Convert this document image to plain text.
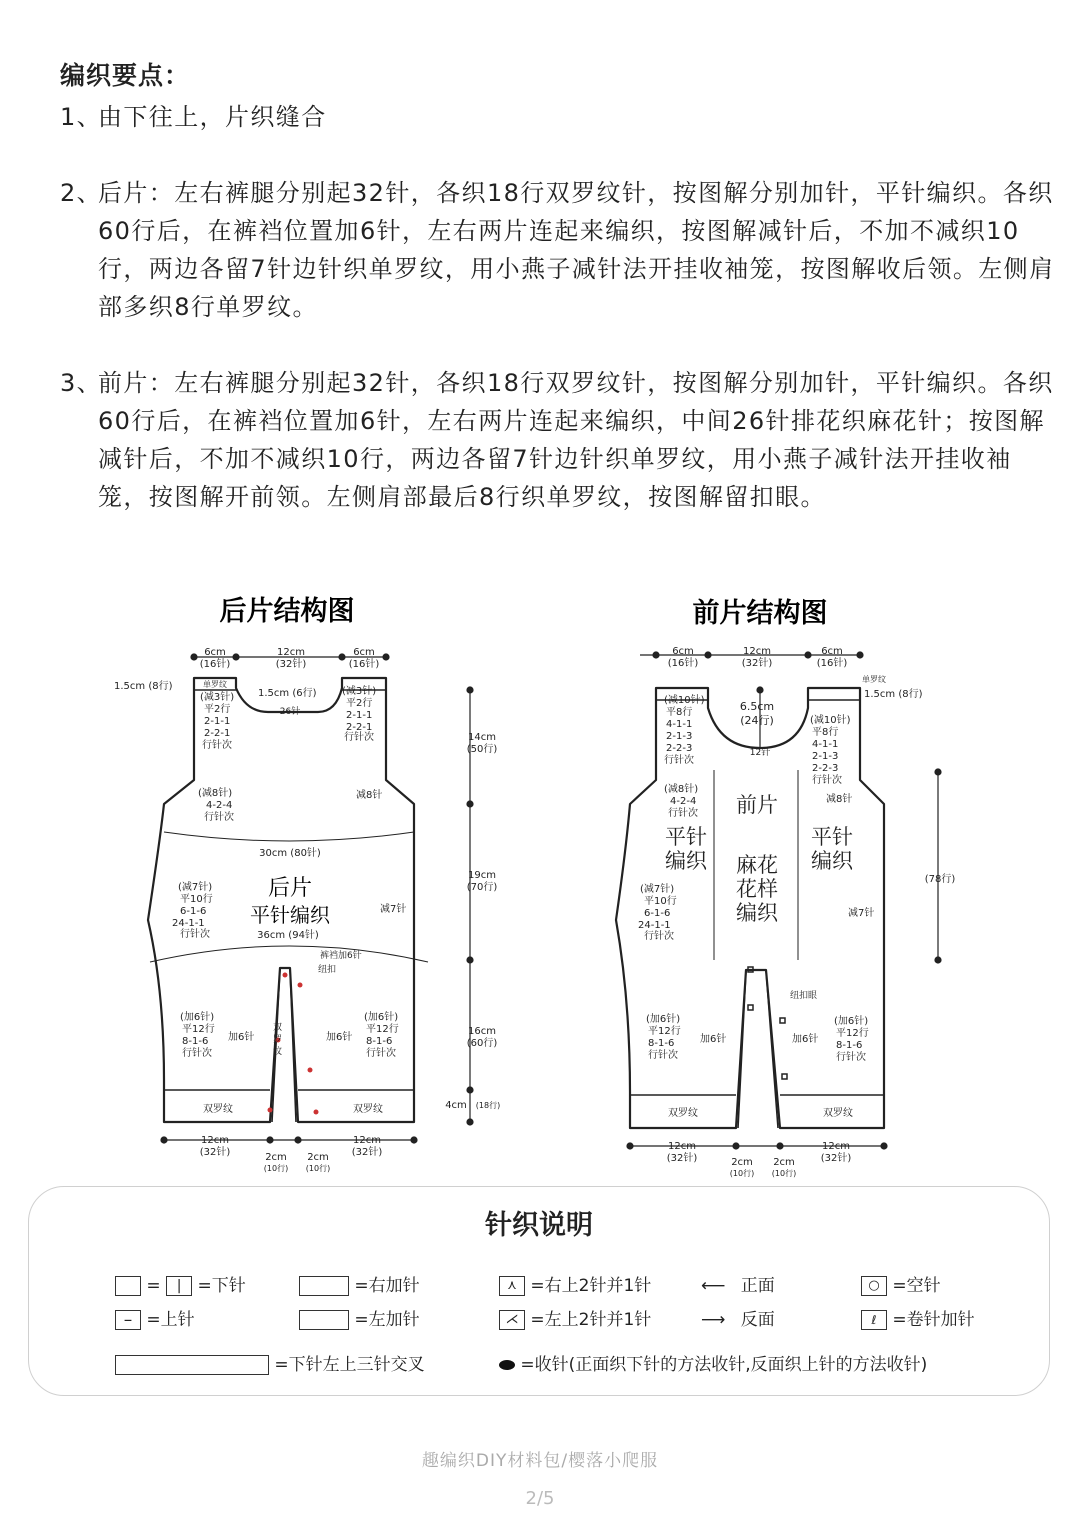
编织要点：
1、
由下往上，片织缝合
2、
后片：左右裤腿分别起32针，各织18行双罗纹针，按图解分别加针，平针编织。各织60行后，在裤裆位置加6针，左右两片连起来编织，按图解减针后，不加不减织10行，两边各留7针边针织单罗纹，用小燕子减针法开挂收袖笼，按图解收后领。左侧肩部多织8行单罗纹。
3、
前片：左右裤腿分别起32针，各织18行双罗纹针，按图解分别加针，平针编织。各织60行后，在裤裆位置加6针，左右两片连起来编织，中间26针排花织麻花针；按图解减针后，不加不减织10行，两边各留7针边针织单罗纹，用小燕子减针法开挂收袖笼，按图解开前领。左侧肩部最后8行织单罗纹，按图解留扣眼。
后片结构图
6cm
(16针)
12cm
(32针)
6cm
(16针)
单罗纹
26针
30cm (80针)
36cm (94针)
双罗纹	双罗纹
14cm
(50行)
19cm
(70行)
16cm
(60行)
4cm (18行)
12cm
(32针)	2cm
(10行)
2cm
(10行)
12cm
(32针)
1.5cm (8行)
1.5cm (6行)
(减3针)
平2行
2-1-1
2-2-1
行针次
(减3针)
平2行
2-1-1
2-2-1
行针次
(减8针)
4-2-4
行针次
减8针
(减7针)
平10行
6-1-6
24-1-1
行针次
减7针
裤裆加6针
纽扣
(加6针)
平12行
8-1-6
行针次
加6针	加6针
(加6针)
平12行
8-1-6
行针次
双
罗
纹
后片
平针编织
前片结构图
6cm
(16针)
12cm
(32针)
6cm
(16针)
6.5cm
(24行)
12针
(78行)
双罗纹	双罗纹
12cm
(32针)	2cm
(10行)
2cm
(10行)
12cm
(32针)
单罗纹
1.5cm (8行)
(减10针)
平8行
4-1-1
2-1-3
2-2-3
行针次
(减10针)
平8行
4-1-1
2-1-3
2-2-3
行针次
(减8针)
4-2-4
行针次
减8针
(减7针)
平10行
6-1-6
24-1-1
行针次
减7针
纽扣眼
(加6针)
平12行
8-1-6
行针次
加6针	加6针
(加6针)
平12行
8-1-6
行针次
前片
麻花
花样
编织
平针
编织
平针
编织
针织说明
= | =下针	=右加针	⋏ =右上2针并1针	⟵ 正面	○ =空针
– =上针	=左加针	⋌ =左上2针并1针	⟶ 反面	ℓ =卷针加针
=下针左上三针交叉	=收针(正面织下针的方法收针,反面织上针的方法收针)
趣编织DIY材料包/樱落小爬服
2/5
